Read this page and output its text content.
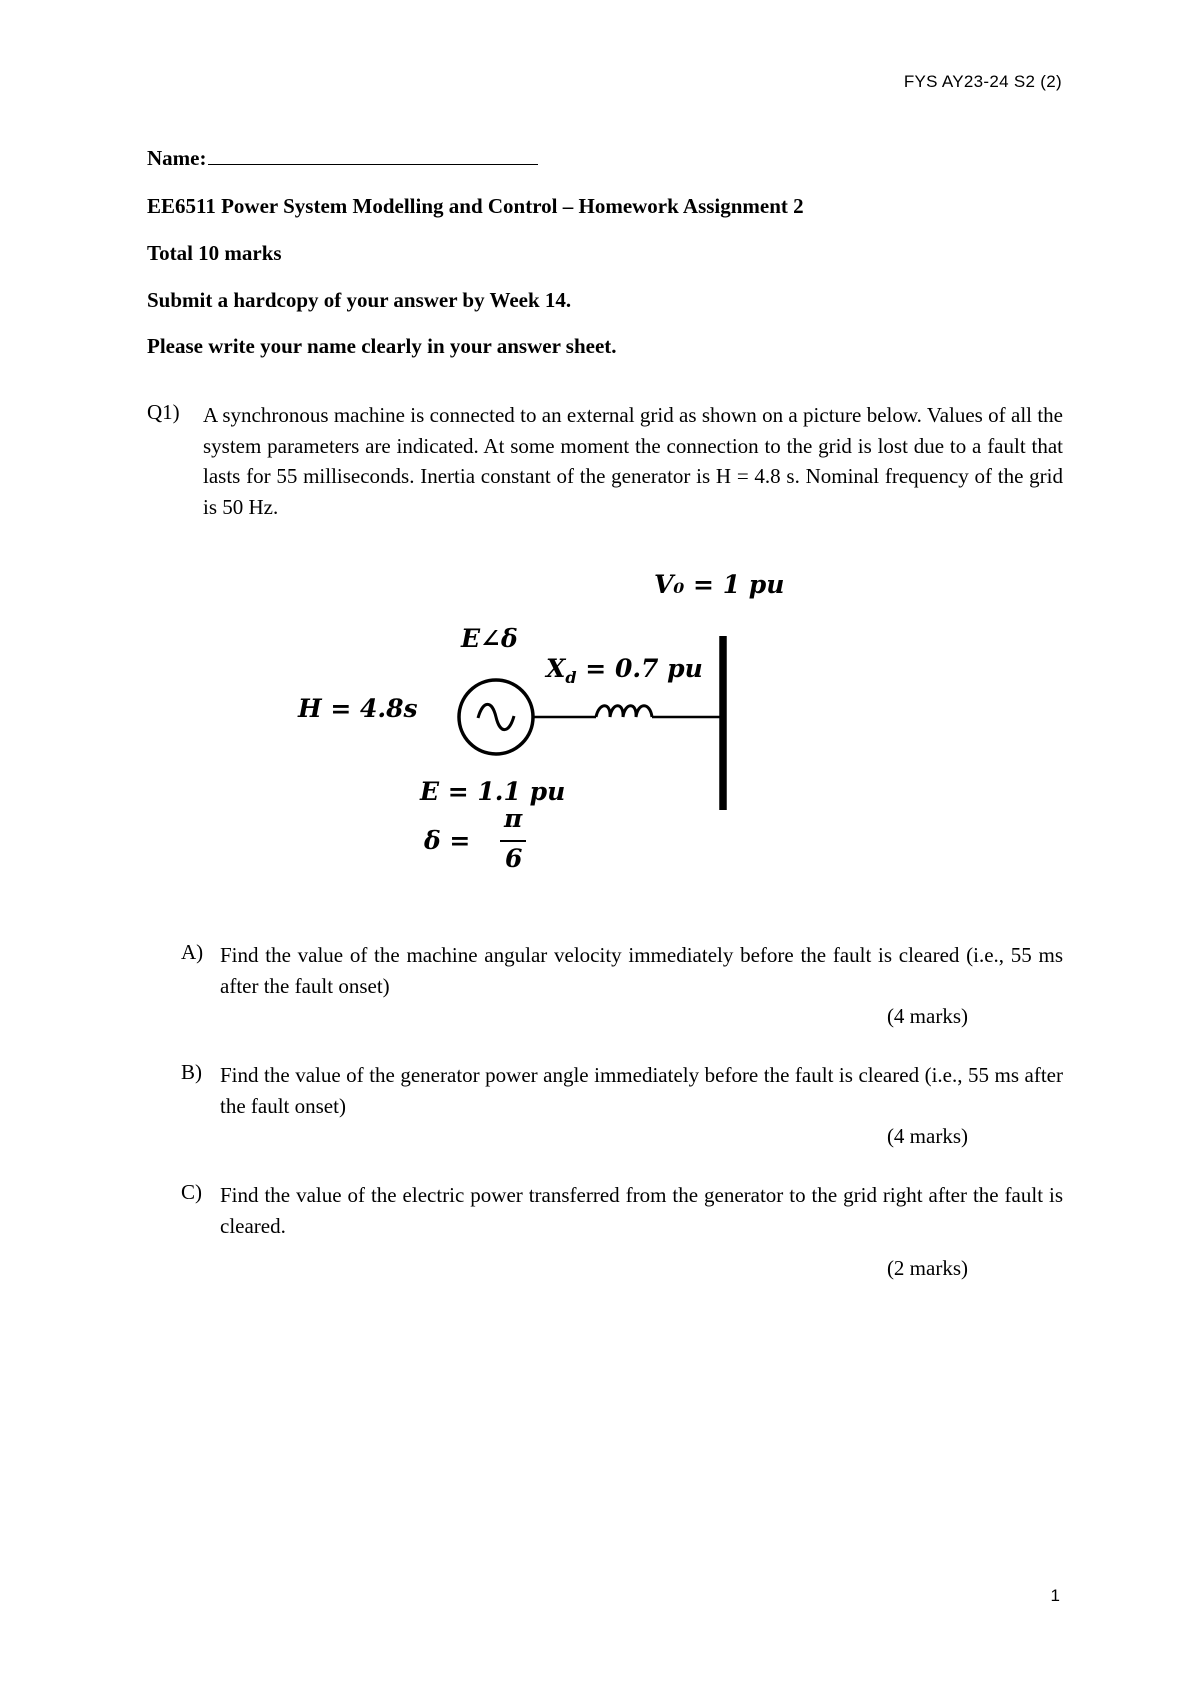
FYS AY23-24 S2 (2)
Name:
EE6511 Power System Modelling and Control – Homework Assignment 2
Total 10 marks
Submit a hardcopy of your answer by Week 14.
Please write your name clearly in your answer sheet.
Q1) A synchronous machine is connected to an external grid as shown on a picture below. Values of all the system parameters are indicated. At some moment the connection to the grid is lost due to a fault that lasts for 55 milliseconds. Inertia constant of the generator is H = 4.8 s. Nominal frequency of the grid is 50 Hz.
V₀ = 1 pu
E∠δ
$X_d = 0.7$ pu
H = 4.8s
E = 1.1 pu
δ =
π
6
A) Find the value of the machine angular velocity immediately before the fault is cleared (i.e., 55 ms after the fault onset)
(4 marks)
B) Find the value of the generator power angle immediately before the fault is cleared (i.e., 55 ms after the fault onset)
(4 marks)
C) Find the value of the electric power transferred from the generator to the grid right after the fault is cleared.
(2 marks)
1
